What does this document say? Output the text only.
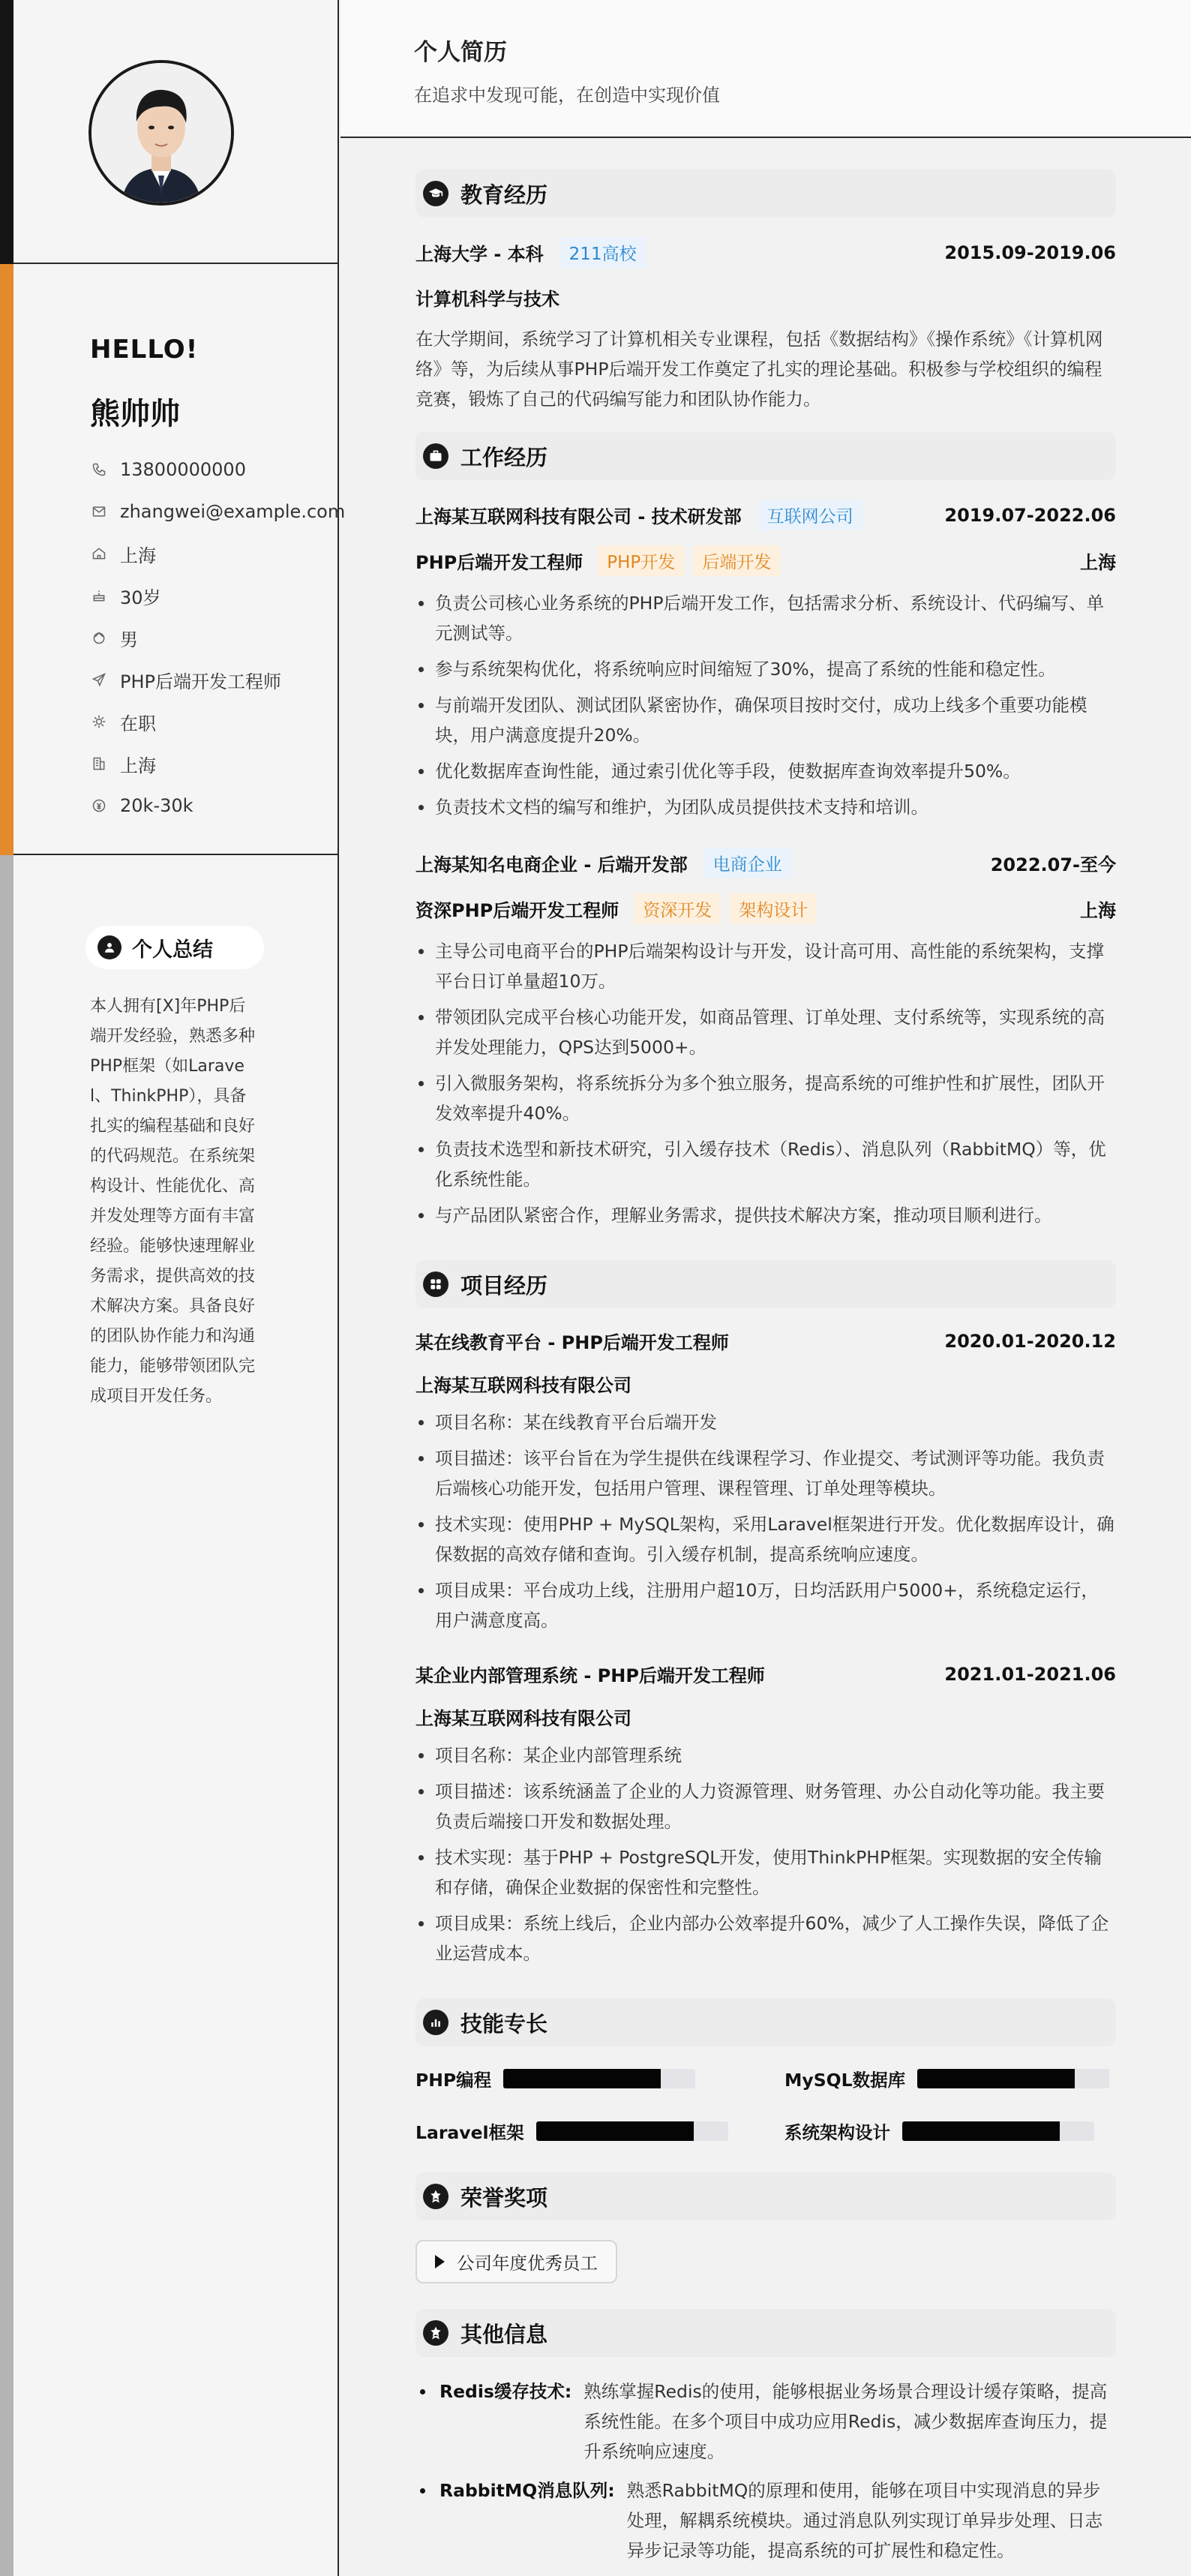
HELLO!
熊帅帅
13800000000
zhangwei@example.com
上海
30岁
男
PHP后端开发工程师
在职
上海
20k-30k
个人总结
本人拥有[X]年PHP后端开发经验，熟悉多种PHP框架（如Laravel、ThinkPHP），具备扎实的编程基础和良好的代码规范。在系统架构设计、性能优化、高并发处理等方面有丰富经验。能够快速理解业务需求，提供高效的技术解决方案。具备良好的团队协作能力和沟通能力，能够带领团队完成项目开发任务。
个人简历

在追求中发现可能，在创造中实现价值

教育经历
上海大学 - 本科	211高校	2015.09-2019.06
计算机科学与技术
在大学期间，系统学习了计算机相关专业课程，包括《数据结构》《操作系统》《计算机网络》等，为后续从事PHP后端开发工作奠定了扎实的理论基础。积极参与学校组织的编程竞赛，锻炼了自己的代码编写能力和团队协作能力。
工作经历
上海某互联网科技有限公司 - 技术研发部	互联网公司	2019.07-2022.06
PHP后端开发工程师	PHP开发	后端开发	上海
负责公司核心业务系统的PHP后端开发工作，包括需求分析、系统设计、代码编写、单元测试等。
参与系统架构优化，将系统响应时间缩短了30%，提高了系统的性能和稳定性。
与前端开发团队、测试团队紧密协作，确保项目按时交付，成功上线多个重要功能模块，用户满意度提升20%。
优化数据库查询性能，通过索引优化等手段，使数据库查询效率提升50%。
负责技术文档的编写和维护，为团队成员提供技术支持和培训。
上海某知名电商企业 - 后端开发部	电商企业	2022.07-至今
资深PHP后端开发工程师	资深开发	架构设计	上海
主导公司电商平台的PHP后端架构设计与开发，设计高可用、高性能的系统架构，支撑平台日订单量超10万。
带领团队完成平台核心功能开发，如商品管理、订单处理、支付系统等，实现系统的高并发处理能力，QPS达到5000+。
引入微服务架构，将系统拆分为多个独立服务，提高系统的可维护性和扩展性，团队开发效率提升40%。
负责技术选型和新技术研究，引入缓存技术（Redis）、消息队列（RabbitMQ）等，优化系统性能。
与产品团队紧密合作，理解业务需求，提供技术解决方案，推动项目顺利进行。
项目经历
某在线教育平台 - PHP后端开发工程师	2020.01-2020.12
上海某互联网科技有限公司
项目名称：某在线教育平台后端开发
项目描述：该平台旨在为学生提供在线课程学习、作业提交、考试测评等功能。我负责后端核心功能开发，包括用户管理、课程管理、订单处理等模块。
技术实现：使用PHP + MySQL架构，采用Laravel框架进行开发。优化数据库设计，确保数据的高效存储和查询。引入缓存机制，提高系统响应速度。
项目成果：平台成功上线，注册用户超10万，日均活跃用户5000+，系统稳定运行，用户满意度高。
某企业内部管理系统 - PHP后端开发工程师	2021.01-2021.06
上海某互联网科技有限公司
项目名称：某企业内部管理系统
项目描述：该系统涵盖了企业的人力资源管理、财务管理、办公自动化等功能。我主要负责后端接口开发和数据处理。
技术实现：基于PHP + PostgreSQL开发，使用ThinkPHP框架。实现数据的安全传输和存储，确保企业数据的保密性和完整性。
项目成果：系统上线后，企业内部办公效率提升60%，减少了人工操作失误，降低了企业运营成本。
技能专长
PHP编程	MySQL数据库
Laravel框架	系统架构设计
荣誉奖项
公司年度优秀员工
其他信息
Redis缓存技术: 熟练掌握Redis的使用，能够根据业务场景合理设计缓存策略，提高系统性能。在多个项目中成功应用Redis，减少数据库查询压力，提升系统响应速度。
RabbitMQ消息队列: 熟悉RabbitMQ的原理和使用，能够在项目中实现消息的异步处理，解耦系统模块。通过消息队列实现订单异步处理、日志异步记录等功能，提高系统的可扩展性和稳定性。
